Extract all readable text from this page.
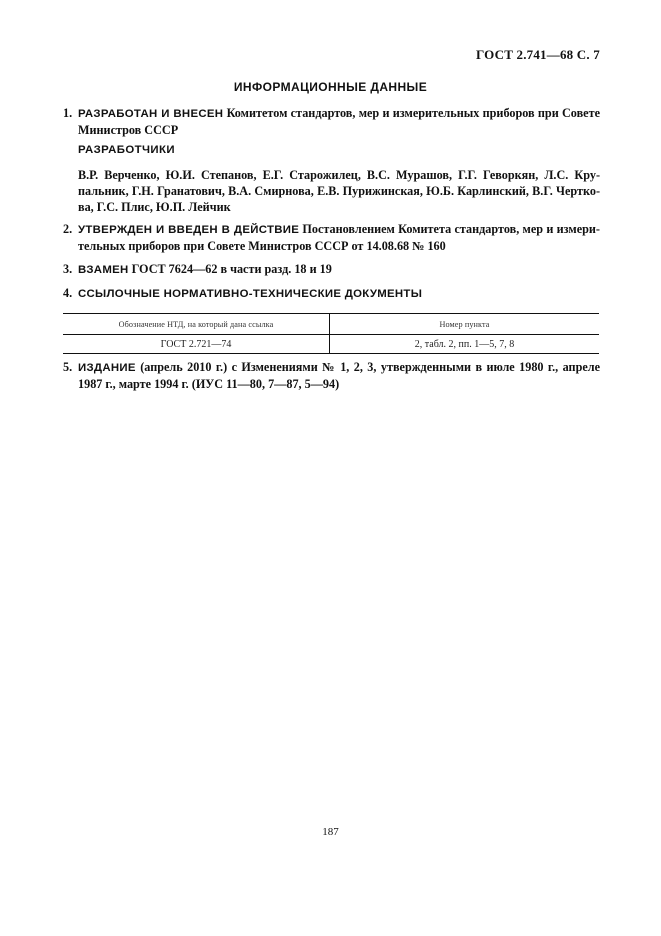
ГОСТ 2.741—68 С. 7
ИНФОРМАЦИОННЫЕ ДАННЫЕ
1. РАЗРАБОТАН И ВНЕСЕН Комитетом стандартов, мер и измерительных приборов при Совете
Министров СССР
РАЗРАБОТЧИКИ
В.Р. Верченко, Ю.И. Степанов, Е.Г. Старожилец, В.С. Мурашов, Г.Г. Геворкян, Л.С. Кру-
пальник, Г.Н. Гранатович, В.А. Смирнова, Е.В. Пурижинская, Ю.Б. Карлинский, В.Г. Чертко-
ва, Г.С. Плис, Ю.П. Лейчик
2. УТВЕРЖДЕН И ВВЕДЕН В ДЕЙСТВИЕ Постановлением Комитета стандартов, мер и измери-
тельных приборов при Совете Министров СССР от 14.08.68 № 160
3. ВЗАМЕН ГОСТ 7624—62 в части разд. 18 и 19
4. ССЫЛОЧНЫЕ НОРМАТИВНО-ТЕХНИЧЕСКИЕ ДОКУМЕНТЫ
Обозначение НТД, на который дана ссылка	Номер пункта
ГОСТ 2.721—74	2, табл. 2, пп. 1—5, 7, 8
5. ИЗДАНИЕ (апрель 2010 г.) с Изменениями № 1, 2, 3, утвержденными в июле 1980 г., апреле
1987 г., марте 1994 г. (ИУС 11—80, 7—87, 5—94)
187
